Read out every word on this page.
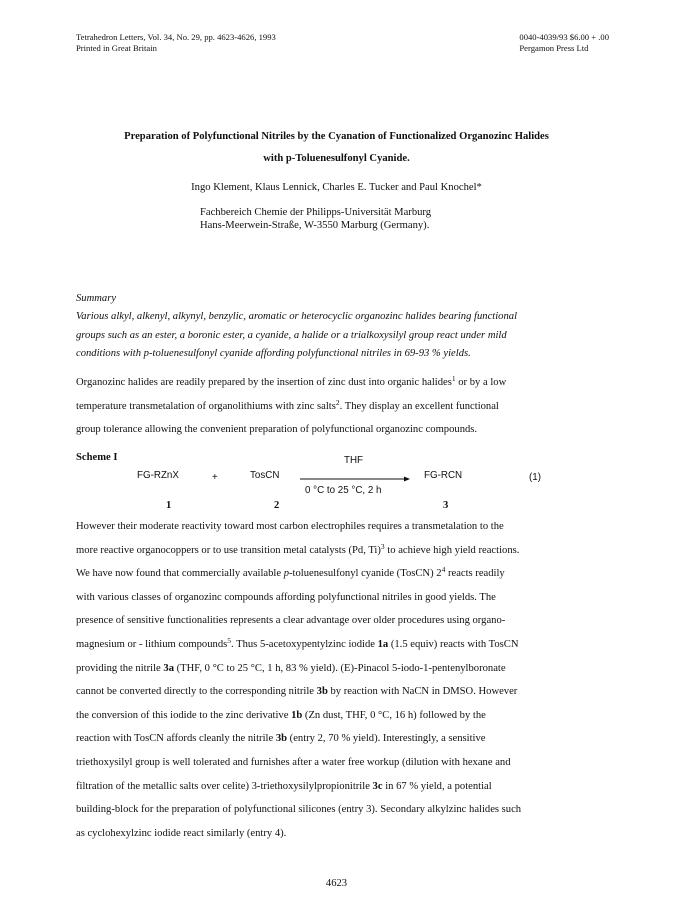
Tetrahedron Letters, Vol. 34, No. 29, pp. 4623-4626, 1993
Printed in Great Britain
0040-4039/93 $6.00 + .00
Pergamon Press Ltd
Preparation of Polyfunctional Nitriles by the Cyanation of Functionalized Organozinc Halides
with p-Toluenesulfonyl Cyanide.
Ingo Klement, Klaus Lennick, Charles E. Tucker and Paul Knochel*
Fachbereich Chemie der Philipps-Universität Marburg
Hans-Meerwein-Straße, W-3550 Marburg (Germany).
Summary
Various alkyl, alkenyl, alkynyl, benzylic, aromatic or heterocyclic organozinc halides bearing functional
groups such as an ester, a boronic ester, a cyanide, a halide or a trialkoxysilyl group react under mild
conditions with p-toluenesulfonyl cyanide affording polyfunctional nitriles in 69-93 % yields.
Organozinc halides are readily prepared by the insertion of zinc dust into organic halides$^1$ or by a low
temperature transmetalation of organolithiums with zinc salts$^2$. They display an excellent functional
group tolerance allowing the convenient preparation of polyfunctional organozinc compounds.
Scheme I
FG-RZnX	+	TosCN
THF
0 °C to 25 °C, 2 h
FG-RCN	(1)
1	2	3
However their moderate reactivity toward most carbon electrophiles requires a transmetalation to the
more reactive organocoppers or to use transition metal catalysts (Pd, Ti)$^3$ to achieve high yield reactions.
We have now found that commercially available p-toluenesulfonyl cyanide (TosCN) $2^4$ reacts readily
with various classes of organozinc compounds affording polyfunctional nitriles in good yields. The
presence of sensitive functionalities represents a clear advantage over older procedures using organo-
magnesium or - lithium compounds$^5$. Thus 5-acetoxypentylzinc iodide 1a (1.5 equiv) reacts with TosCN
providing the nitrile 3a (THF, 0 °C to 25 °C, 1 h, 83 % yield). (E)-Pinacol 5-iodo-1-pentenylboronate
cannot be converted directly to the corresponding nitrile 3b by reaction with NaCN in DMSO. However
the conversion of this iodide to the zinc derivative 1b (Zn dust, THF, 0 °C, 16 h) followed by the
reaction with TosCN affords cleanly the nitrile 3b (entry 2, 70 % yield). Interestingly, a sensitive
triethoxysilyl group is well tolerated and furnishes after a water free workup (dilution with hexane and
filtration of the metallic salts over celite) 3-triethoxysilylpropionitrile 3c in 67 % yield, a potential
building-block for the preparation of polyfunctional silicones (entry 3). Secondary alkylzinc halides such
as cyclohexylzinc iodide react similarly (entry 4).
4623
